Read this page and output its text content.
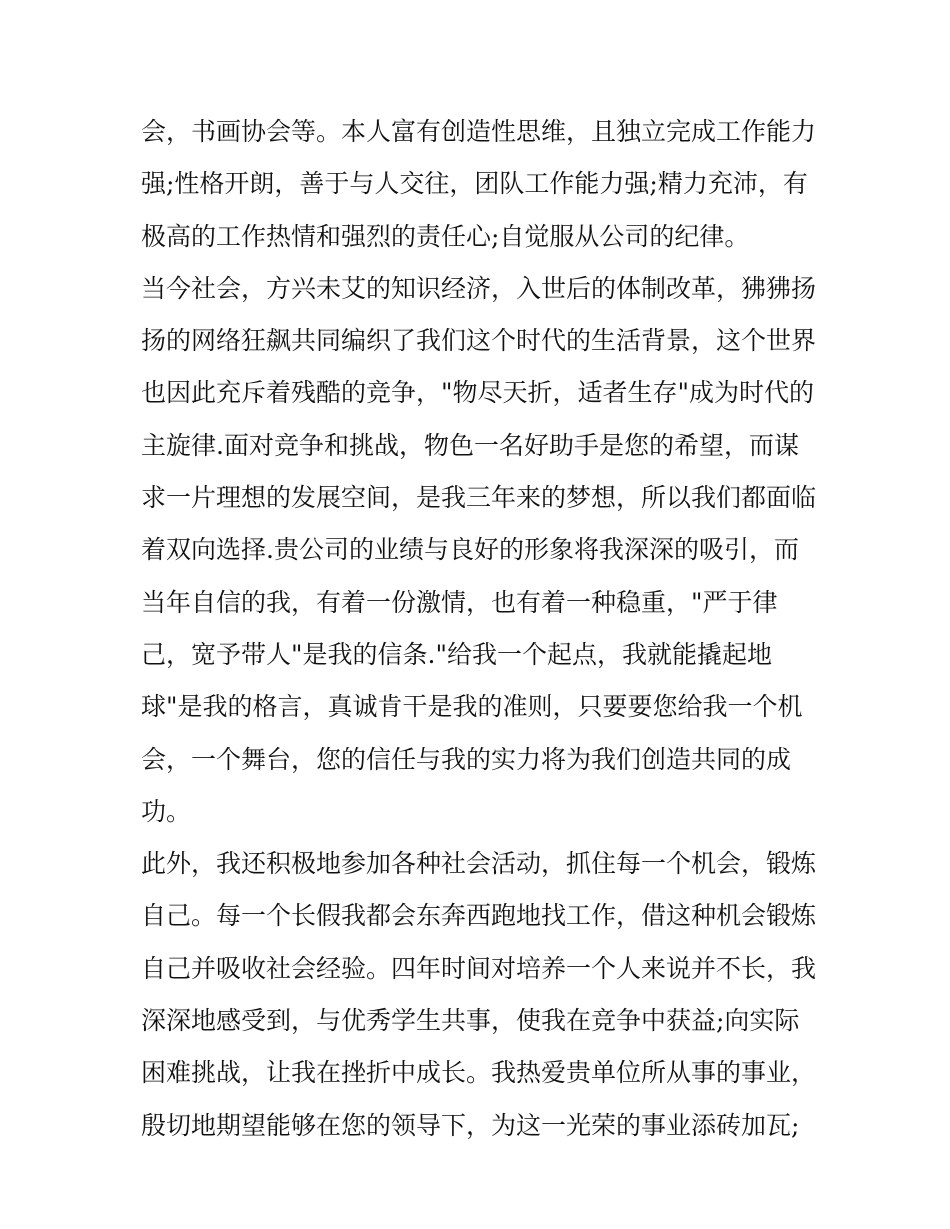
会，书画协会等。本人富有创造性思维，且独立完成工作能力
强;性格开朗，善于与人交往，团队工作能力强;精力充沛，有
极高的工作热情和强烈的责任心;自觉服从公司的纪律。
当今社会，方兴未艾的知识经济，入世后的体制改革，狒狒扬
扬的网络狂飙共同编织了我们这个时代的生活背景，这个世界
也因此充斥着残酷的竞争，"物尽天折，适者生存"成为时代的
主旋律.面对竞争和挑战，物色一名好助手是您的希望，而谋
求一片理想的发展空间，是我三年来的梦想，所以我们都面临
着双向选择.贵公司的业绩与良好的形象将我深深的吸引，而
当年自信的我，有着一份激情，也有着一种稳重，"严于律
己，宽予带人"是我的信条."给我一个起点，我就能撬起地
球"是我的格言，真诚肯干是我的准则，只要要您给我一个机
会，一个舞台，您的信任与我的实力将为我们创造共同的成
功。
此外，我还积极地参加各种社会活动，抓住每一个机会，锻炼
自己。每一个长假我都会东奔西跑地找工作，借这种机会锻炼
自己并吸收社会经验。四年时间对培养一个人来说并不长，我
深深地感受到，与优秀学生共事，使我在竞争中获益;向实际
困难挑战，让我在挫折中成长。我热爱贵单位所从事的事业，
殷切地期望能够在您的领导下，为这一光荣的事业添砖加瓦;
